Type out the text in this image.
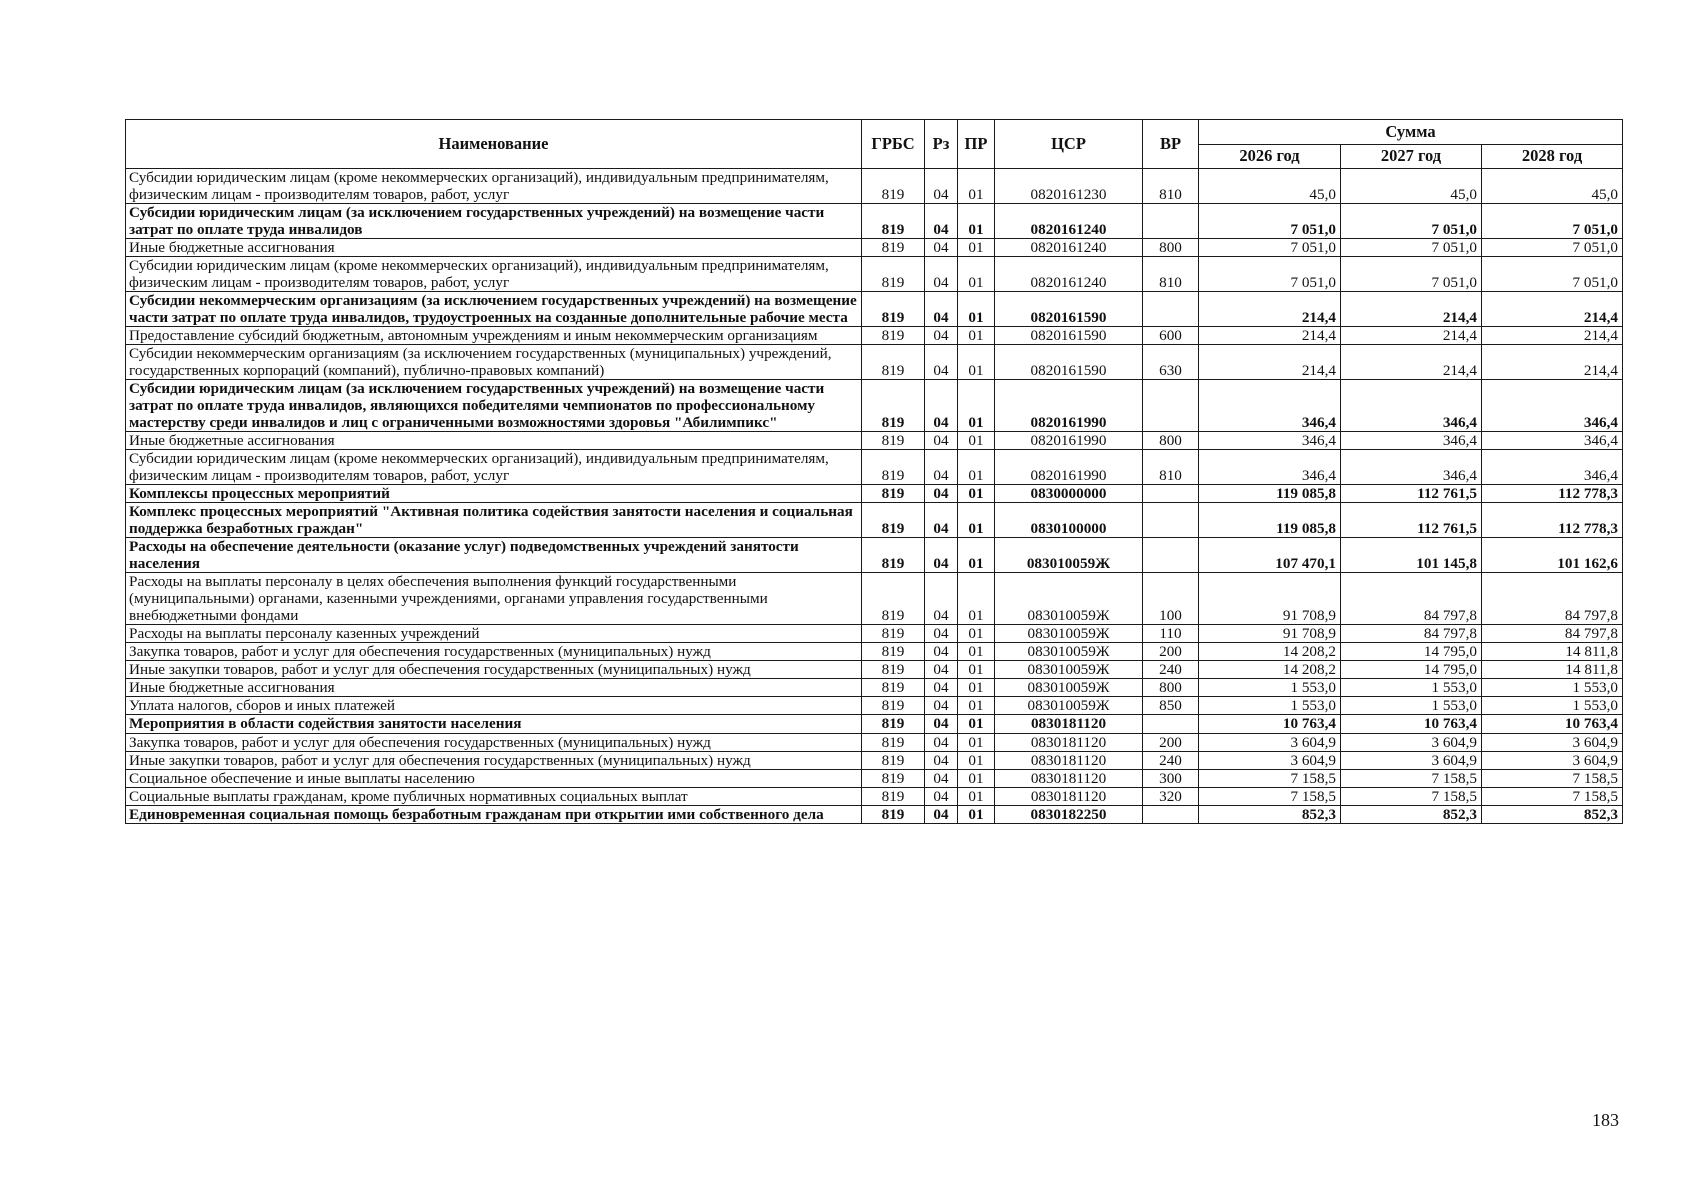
Наименование	ГРБС	Рз	ПР	ЦСР	ВР	Сумма		
						2026 год	2027 год	2028 год
Субсидии юридическим лицам (кроме некоммерческих организаций), индивидуальным предпринимателям, физическим лицам - производителям товаров, работ, услуг	819	04	01	0820161230	810	45,0	45,0	45,0
Субсидии юридическим лицам (за исключением государственных учреждений) на возмещение части затрат по оплате труда инвалидов	819	04	01	0820161240		7 051,0	7 051,0	7 051,0
Иные бюджетные ассигнования	819	04	01	0820161240	800	7 051,0	7 051,0	7 051,0
Субсидии юридическим лицам (кроме некоммерческих организаций), индивидуальным предпринимателям, физическим лицам - производителям товаров, работ, услуг	819	04	01	0820161240	810	7 051,0	7 051,0	7 051,0
Субсидии некоммерческим организациям (за исключением государственных учреждений) на возмещение части затрат по оплате труда инвалидов, трудоустроенных на созданные дополнительные рабочие места	819	04	01	0820161590		214,4	214,4	214,4
Предоставление субсидий бюджетным, автономным учреждениям и иным некоммерческим организациям	819	04	01	0820161590	600	214,4	214,4	214,4
Субсидии некоммерческим организациям (за исключением государственных (муниципальных) учреждений, государственных корпораций (компаний), публично-правовых компаний)	819	04	01	0820161590	630	214,4	214,4	214,4
Субсидии юридическим лицам (за исключением государственных учреждений) на возмещение части затрат по оплате труда инвалидов, являющихся победителями чемпионатов по профессиональному мастерству среди инвалидов и лиц с ограниченными возможностями здоровья "Абилимпикс"	819	04	01	0820161990		346,4	346,4	346,4
Иные бюджетные ассигнования	819	04	01	0820161990	800	346,4	346,4	346,4
Субсидии юридическим лицам (кроме некоммерческих организаций), индивидуальным предпринимателям, физическим лицам - производителям товаров, работ, услуг	819	04	01	0820161990	810	346,4	346,4	346,4
Комплексы процессных мероприятий	819	04	01	0830000000		119 085,8	112 761,5	112 778,3
Комплекс процессных мероприятий "Активная политика содействия занятости населения и социальная поддержка безработных граждан"	819	04	01	0830100000		119 085,8	112 761,5	112 778,3
Расходы на обеспечение деятельности (оказание услуг) подведомственных учреждений занятости населения	819	04	01	083010059Ж		107 470,1	101 145,8	101 162,6
Расходы на выплаты персоналу в целях обеспечения выполнения функций государственными (муниципальными) органами, казенными учреждениями, органами управления государственными внебюджетными фондами	819	04	01	083010059Ж	100	91 708,9	84 797,8	84 797,8
Расходы на выплаты персоналу казенных учреждений	819	04	01	083010059Ж	110	91 708,9	84 797,8	84 797,8
Закупка товаров, работ и услуг для обеспечения государственных (муниципальных) нужд	819	04	01	083010059Ж	200	14 208,2	14 795,0	14 811,8
Иные закупки товаров, работ и услуг для обеспечения государственных (муниципальных) нужд	819	04	01	083010059Ж	240	14 208,2	14 795,0	14 811,8
Иные бюджетные ассигнования	819	04	01	083010059Ж	800	1 553,0	1 553,0	1 553,0
Уплата налогов, сборов и иных платежей	819	04	01	083010059Ж	850	1 553,0	1 553,0	1 553,0
Мероприятия в области содействия занятости населения	819	04	01	0830181120		10 763,4	10 763,4	10 763,4
Закупка товаров, работ и услуг для обеспечения государственных (муниципальных) нужд	819	04	01	0830181120	200	3 604,9	3 604,9	3 604,9
Иные закупки товаров, работ и услуг для обеспечения государственных (муниципальных) нужд	819	04	01	0830181120	240	3 604,9	3 604,9	3 604,9
Социальное обеспечение и иные выплаты населению	819	04	01	0830181120	300	7 158,5	7 158,5	7 158,5
Социальные выплаты гражданам, кроме публичных нормативных социальных выплат	819	04	01	0830181120	320	7 158,5	7 158,5	7 158,5
Единовременная социальная помощь безработным гражданам при открытии ими собственного дела	819	04	01	0830182250		852,3	852,3	852,3
183
